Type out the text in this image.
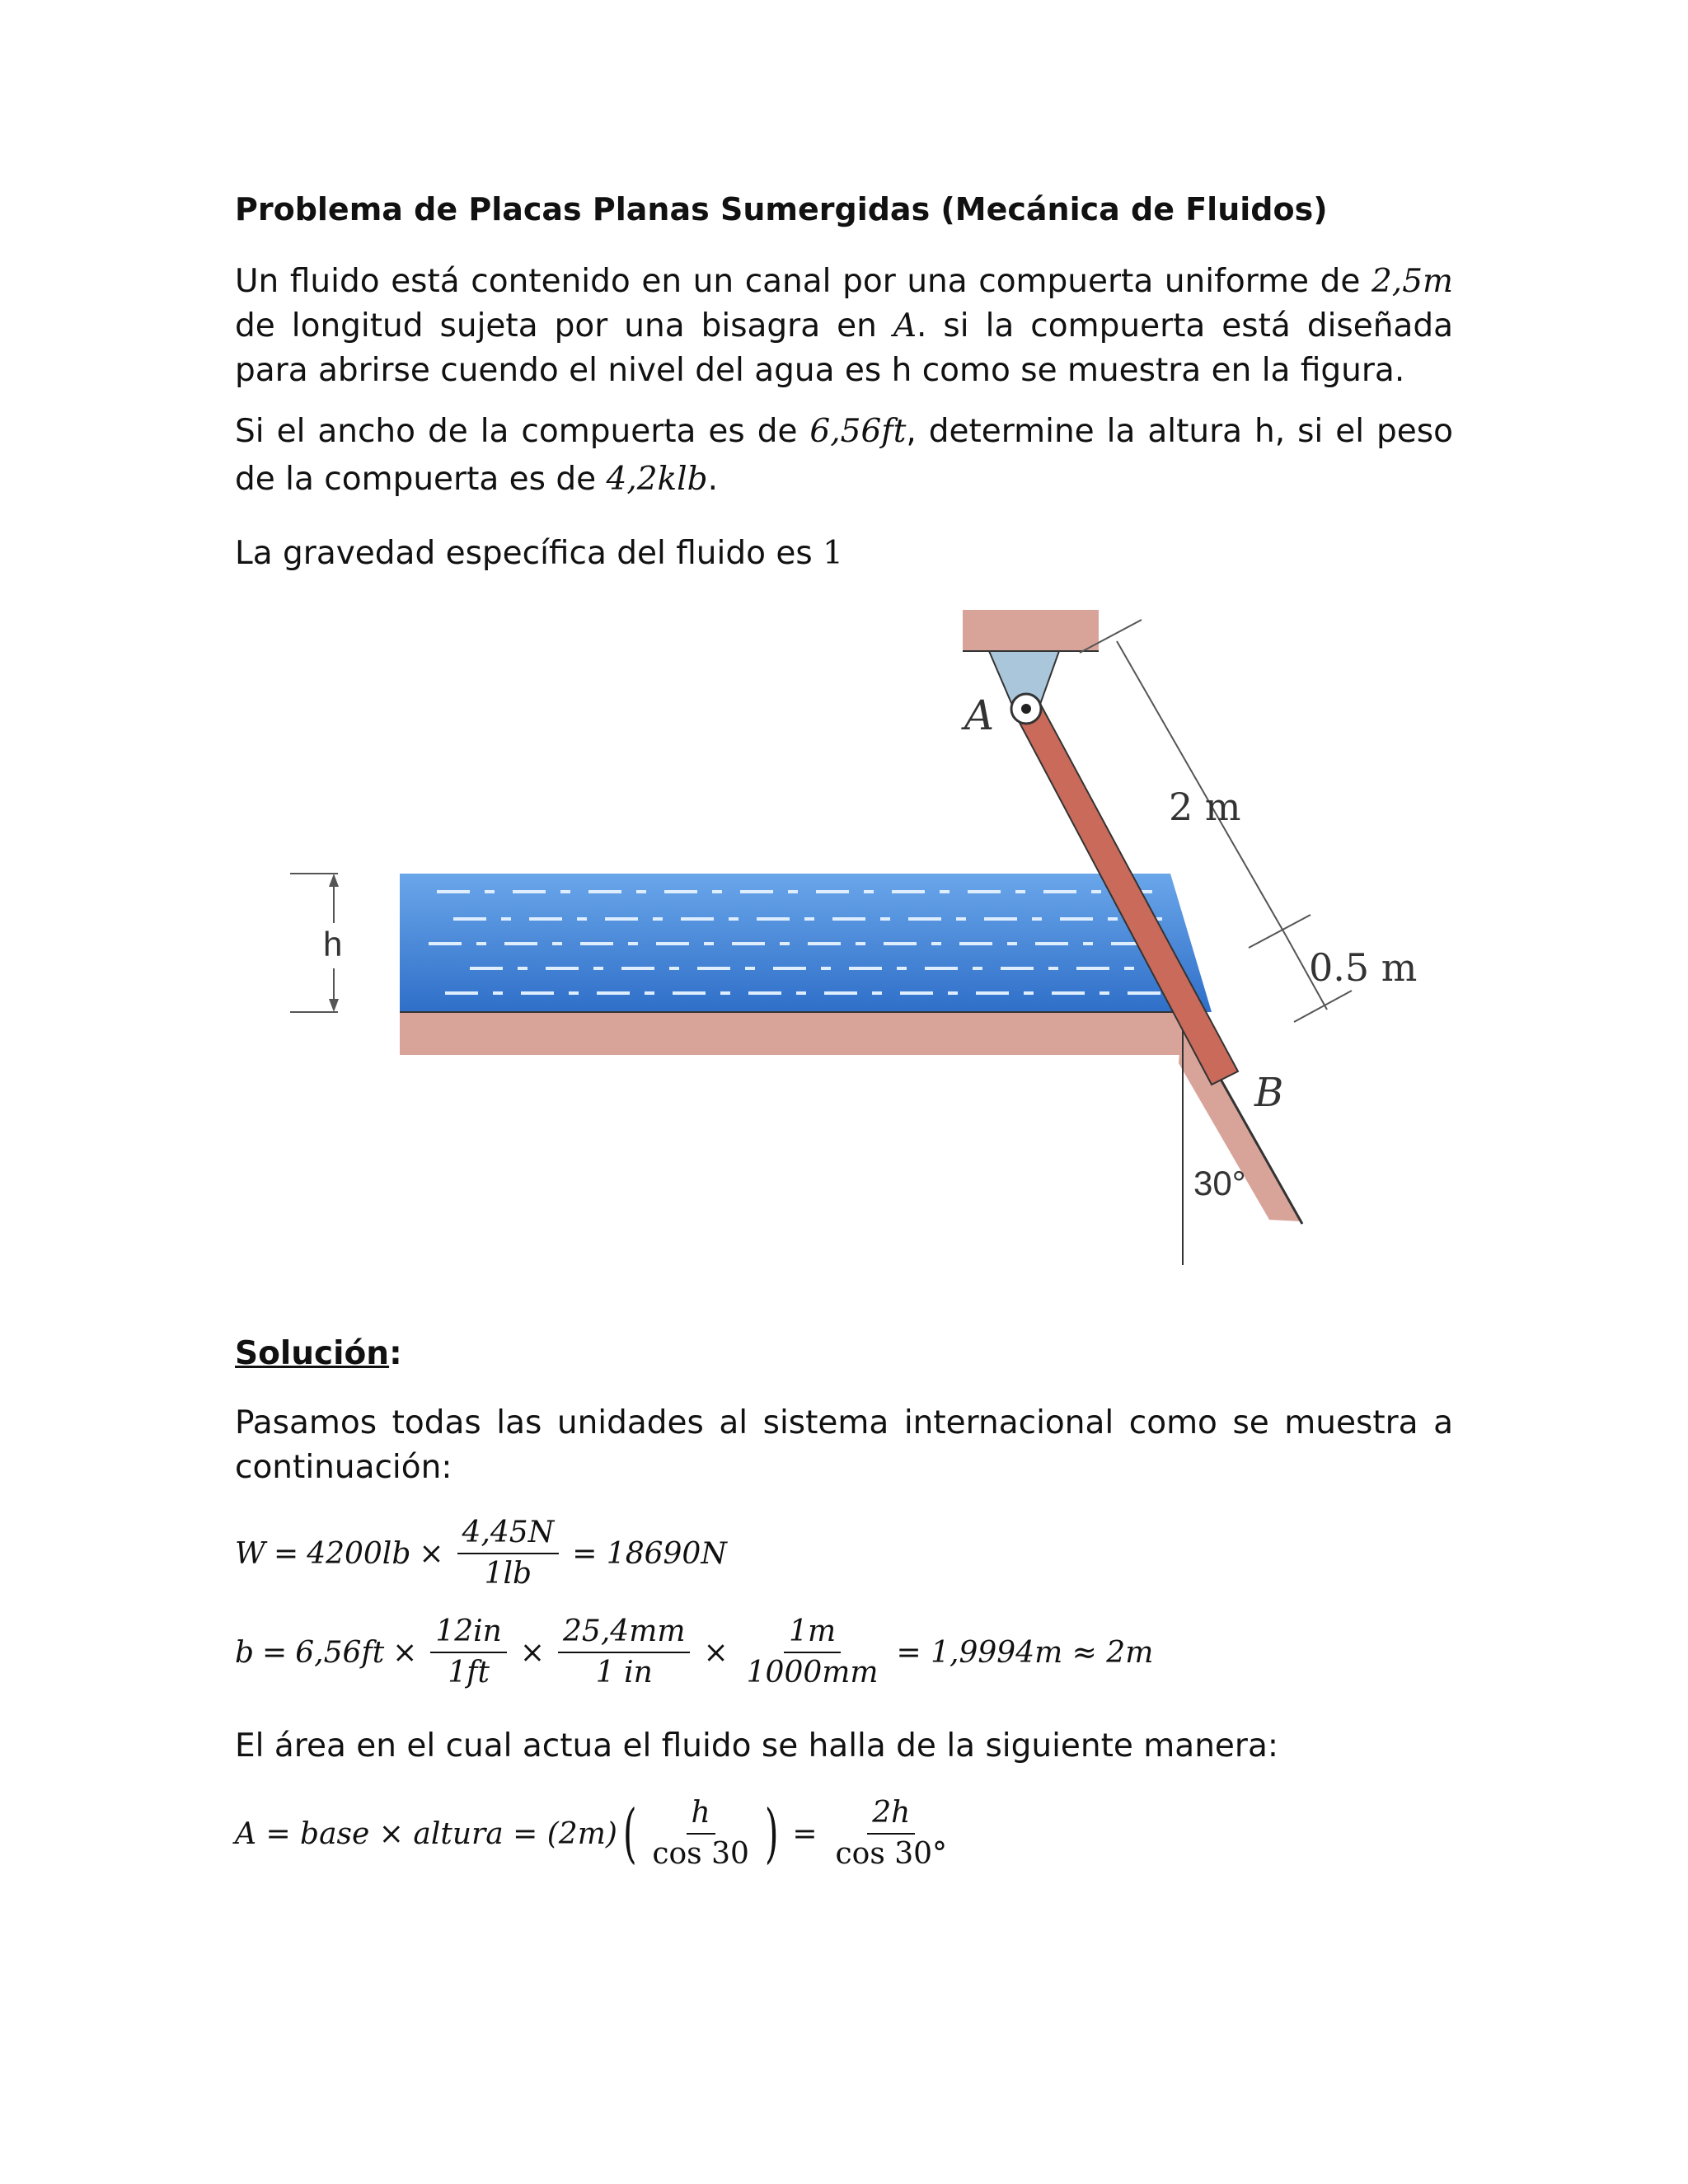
Problema de Placas Planas Sumergidas (Mecánica de Fluidos)
Un fluido está contenido en un canal por una compuerta uniforme de 2,5m de longitud sujeta por una bisagra en A. si la compuerta está diseñada para abrirse cuendo el nivel del agua es h como se muestra en la figura.
Si el ancho de la compuerta es de 6,56ft, determine la altura h, si el peso de la compuerta es de 4,2klb.
La gravedad específica del fluido es 1
A
B
2 m
0.5 m
h
30°
Solución:
Pasamos todas las unidades al sistema internacional como se muestra a continuación:
$W = 4200lb \times \frac{4,45N}{1lb} = 18690N$
$b = 6,56ft \times \frac{12in}{1ft} \times \frac{25,4mm}{1 in} \times \frac{1m}{1000mm} = 1,9994m \approx 2m$
El área en el cual actua el fluido se halla de la siguiente manera:
A = base × altura = (2m) ( $\frac{h}{\cos 30}$ ) = $\frac{2h}{\cos 30^\circ}$
